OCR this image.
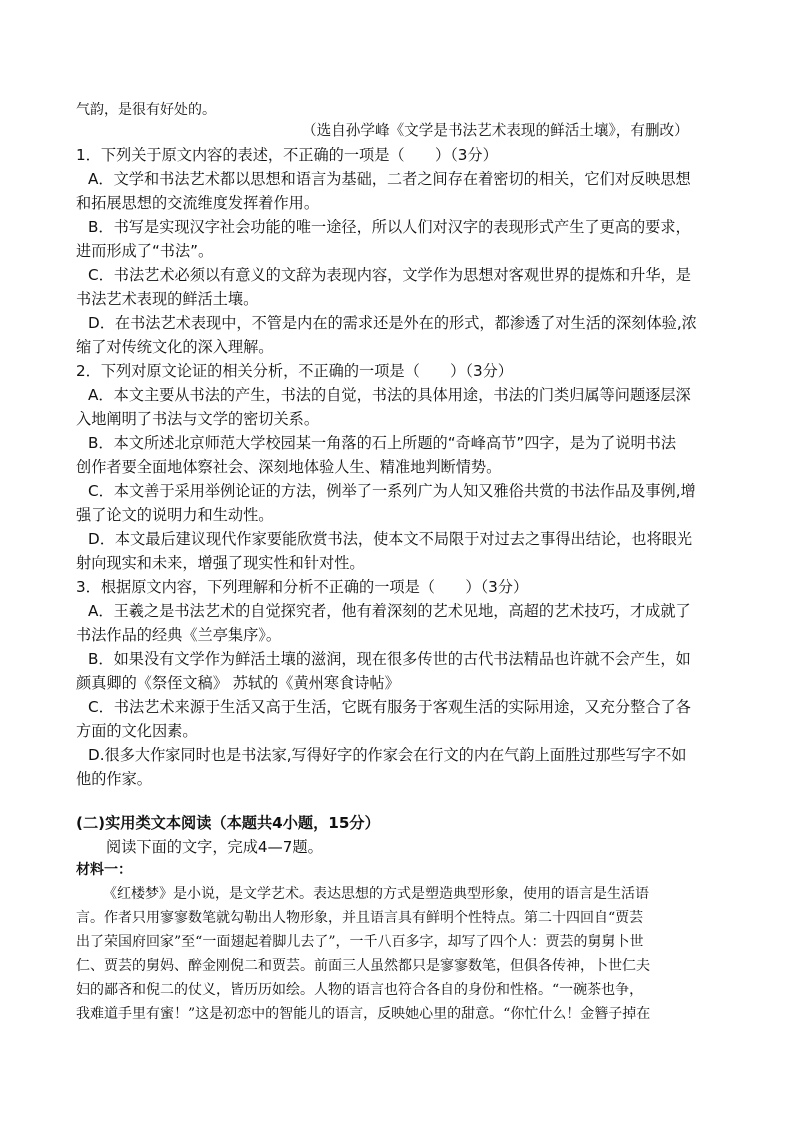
气韵，是很有好处的。
（选自孙学峰《文学是书法艺术表现的鲜活土壤》，有删改）
1．下列关于原文内容的表述，不正确的一项是（　　）（3分）
A．文学和书法艺术都以思想和语言为基础，二者之间存在着密切的相关，它们对反映思想
和拓展思想的交流维度发挥着作用。
B．书写是实现汉字社会功能的唯一途径，所以人们对汉字的表现形式产生了更高的要求，
进而形成了“书法”。
C．书法艺术必须以有意义的文辞为表现内容，文学作为思想对客观世界的提炼和升华，是
书法艺术表现的鲜活土壤。
D．在书法艺术表现中，不管是内在的需求还是外在的形式，都渗透了对生活的深刻体验,浓
缩了对传统文化的深入理解。
2．下列对原文论证的相关分析，不正确的一项是（　　）（3分）
A．本文主要从书法的产生，书法的自觉，书法的具体用途，书法的门类归属等问题逐层深
入地阐明了书法与文学的密切关系。
B．本文所述北京师范大学校园某一角落的石上所题的“奇峰高节”四字，是为了说明书法
创作者要全面地体察社会、深刻地体验人生、精准地判断情势。
C．本文善于采用举例论证的方法，例举了一系列广为人知又雅俗共赏的书法作品及事例,增
强了论文的说明力和生动性。
D．本文最后建议现代作家要能欣赏书法，使本文不局限于对过去之事得出结论，也将眼光
射向现实和未来，增强了现实性和针对性。
3．根据原文内容，下列理解和分析不正确的一项是（　　）（3分）
A．王羲之是书法艺术的自觉探究者，他有着深刻的艺术见地，高超的艺术技巧，才成就了
书法作品的经典《兰亭集序》。
B．如果没有文学作为鲜活土壤的滋润，现在很多传世的古代书法精品也许就不会产生，如
颜真卿的《祭侄文稿》 苏轼的《黄州寒食诗帖》
C．书法艺术来源于生活又高于生活，它既有服务于客观生活的实际用途，又充分整合了各
方面的文化因素。
D.很多大作家同时也是书法家,写得好字的作家会在行文的内在气韵上面胜过那些写字不如
他的作家。
(二)实用类文本阅读（本题共4小题，15分）
阅读下面的文字，完成4—7题。
材料一：
《红楼梦》是小说，是文学艺术。表达思想的方式是塑造典型形象，使用的语言是生活语
言。作者只用寥寥数笔就勾勒出人物形象，并且语言具有鲜明个性特点。第二十四回自“贾芸
出了荣国府回家”至“一面翅起着脚儿去了”，一千八百多字，却写了四个人：贾芸的舅舅卜世
仁、贾芸的舅妈、醉金刚倪二和贾芸。前面三人虽然都只是寥寥数笔，但俱各传神，卜世仁夫
妇的鄙吝和倪二的仗义，皆历历如绘。人物的语言也符合各自的身份和性格。“一碗茶也争，
我难道手里有蜜！”这是初恋中的智能儿的语言，反映她心里的甜意。“你忙什么！金簪子掉在
